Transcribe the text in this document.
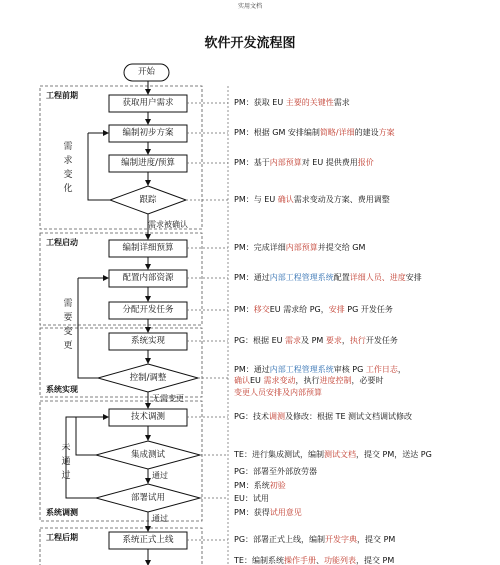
实用文档
软件开发流程图
工程前期
工程启动
系统实现
系统调测
工程后期
开始
获取用户需求
编制初步方案
编制进度/预算
跟踪
编制详细预算
配置内部资源
分配开发任务
系统实现
控制/调整
技术调测
集成测试
部署试用
系统正式上线
需求变化
需求被确认
需要变更
无需变更
未通过	通过
通过
PM：获取 EU 主要的关键性需求
PM：根据 GM 安排编制简略/详细的建设方案
PM：基于内部预算对 EU 提供费用报价
PM：与 EU 确认需求变动及方案、费用调整
PM：完成详细内部预算并提交给 GM
PM：通过内部工程管理系统配置详细人员、进度安排
PM：移交EU 需求给 PG，安排 PG 开发任务
PG：根据 EU 需求及 PM 要求，执行开发任务
PM：通过内部工程管理系统审核 PG 工作日志，
确认EU 需求变动，执行进度控制，必要时
变更人员安排及内部预算
PG：技术调测及修改：根据 TE 测试文档调试修改
TE：进行集成测试，编制测试文档，提交 PM，送达 PG
PG：部署至外部放劳器
PM：系统初验
EU：试用
PM：获得试用意见
PG：部署正式上线，编制开发字典，提交 PM
TE：编制系统操作手册、功能列表，提交 PM
